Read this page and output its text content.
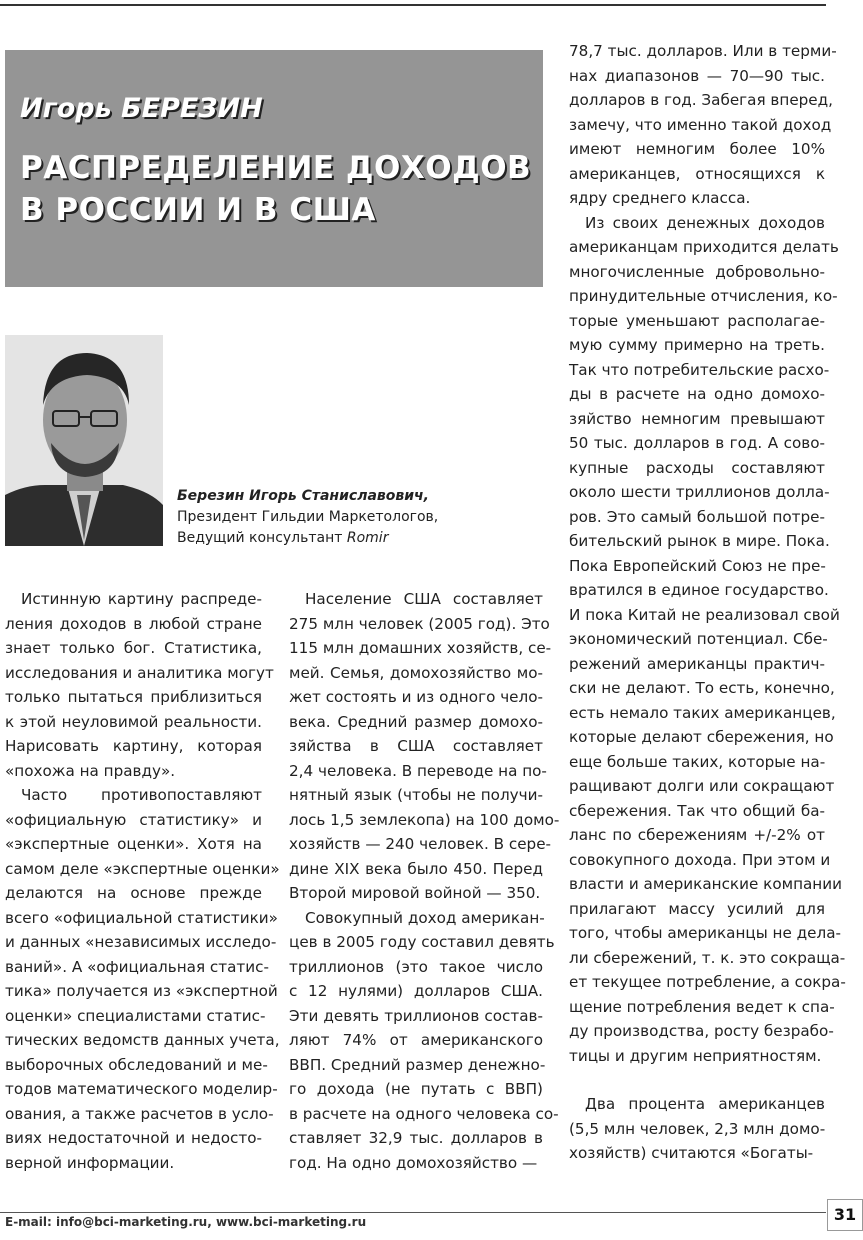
Игорь БЕРЕЗИН
РАСПРЕДЕЛЕНИЕ ДОХОДОВ
В РОССИИ И В США
Березин Игорь Станиславович,
Президент Гильдии Маркетологов,
Ведущий консультант Romir

Истинную картину распреде-

ления доходов в любой стране

знает только бог. Статистика,

исследования и аналитика могут

только пытаться приблизиться

к этой неуловимой реальности.

Нарисовать картину, которая

«похожа на правду».

Часто противопоставляют

«официальную статистику» и

«экспертные оценки». Хотя на

самом деле «экспертные оценки»

делаются на основе прежде

всего «официальной статистики»

и данных «независимых исследо-

ваний». А «официальная статис-

тика» получается из «экспертной

оценки» специалистами статис-

тических ведомств данных учета,

выборочных обследований и ме-

тодов математического моделир-

ования, а также расчетов в усло-

виях недостаточной и недосто-

верной информации.

Население США составляет

275 млн человек (2005 год). Это

115 млн домашних хозяйств, се-

мей. Семья, домохозяйство мо-

жет состоять и из одного чело-

века. Средний размер домохо-

зяйства в США составляет

2,4 человека. В переводе на по-

нятный язык (чтобы не получи-

лось 1,5 землекопа) на 100 домо-

хозяйств — 240 человек. В сере-

дине XIX века было 450. Перед

Второй мировой войной — 350.

Совокупный доход американ-

цев в 2005 году составил девять

триллионов (это такое число

с 12 нулями) долларов США.

Эти девять триллионов состав-

ляют 74% от американского

ВВП. Средний размер денежно-

го дохода (не путать с ВВП)

в расчете на одного человека со-

ставляет 32,9 тыс. долларов в

год. На одно домохозяйство —

78,7 тыс. долларов. Или в терми-

нах диапазонов — 70—90 тыс.

долларов в год. Забегая вперед,

замечу, что именно такой доход

имеют немногим более 10%

американцев, относящихся к

ядру среднего класса.

Из своих денежных доходов

американцам приходится делать

многочисленные добровольно-

принудительные отчисления, ко-

торые уменьшают располагае-

мую сумму примерно на треть.

Так что потребительские расхо-

ды в расчете на одно домохо-

зяйство немногим превышают

50 тыс. долларов в год. А сово-

купные расходы составляют

около шести триллионов долла-

ров. Это самый большой потре-

бительский рынок в мире. Пока.

Пока Европейский Союз не пре-

вратился в единое государство.

И пока Китай не реализовал свой

экономический потенциал. Сбе-

режений американцы практич-

ски не делают. То есть, конечно,

есть немало таких американцев,

которые делают сбережения, но

еще больше таких, которые на-

ращивают долги или сокращают

сбережения. Так что общий ба-

ланс по сбережениям +/-2% от

совокупного дохода. При этом и

власти и американские компании

прилагают массу усилий для

того, чтобы американцы не дела-

ли сбережений, т. к. это сокраща-

ет текущее потребление, а сокра-

щение потребления ведет к спа-

ду производства, росту безрабо-

тицы и другим неприятностям.

Два процента американцев

(5,5 млн человек, 2,3 млн домо-

хозяйств) считаются «Богаты-

E-mail: info@bci-marketing.ru, www.bci-marketing.ru	31
